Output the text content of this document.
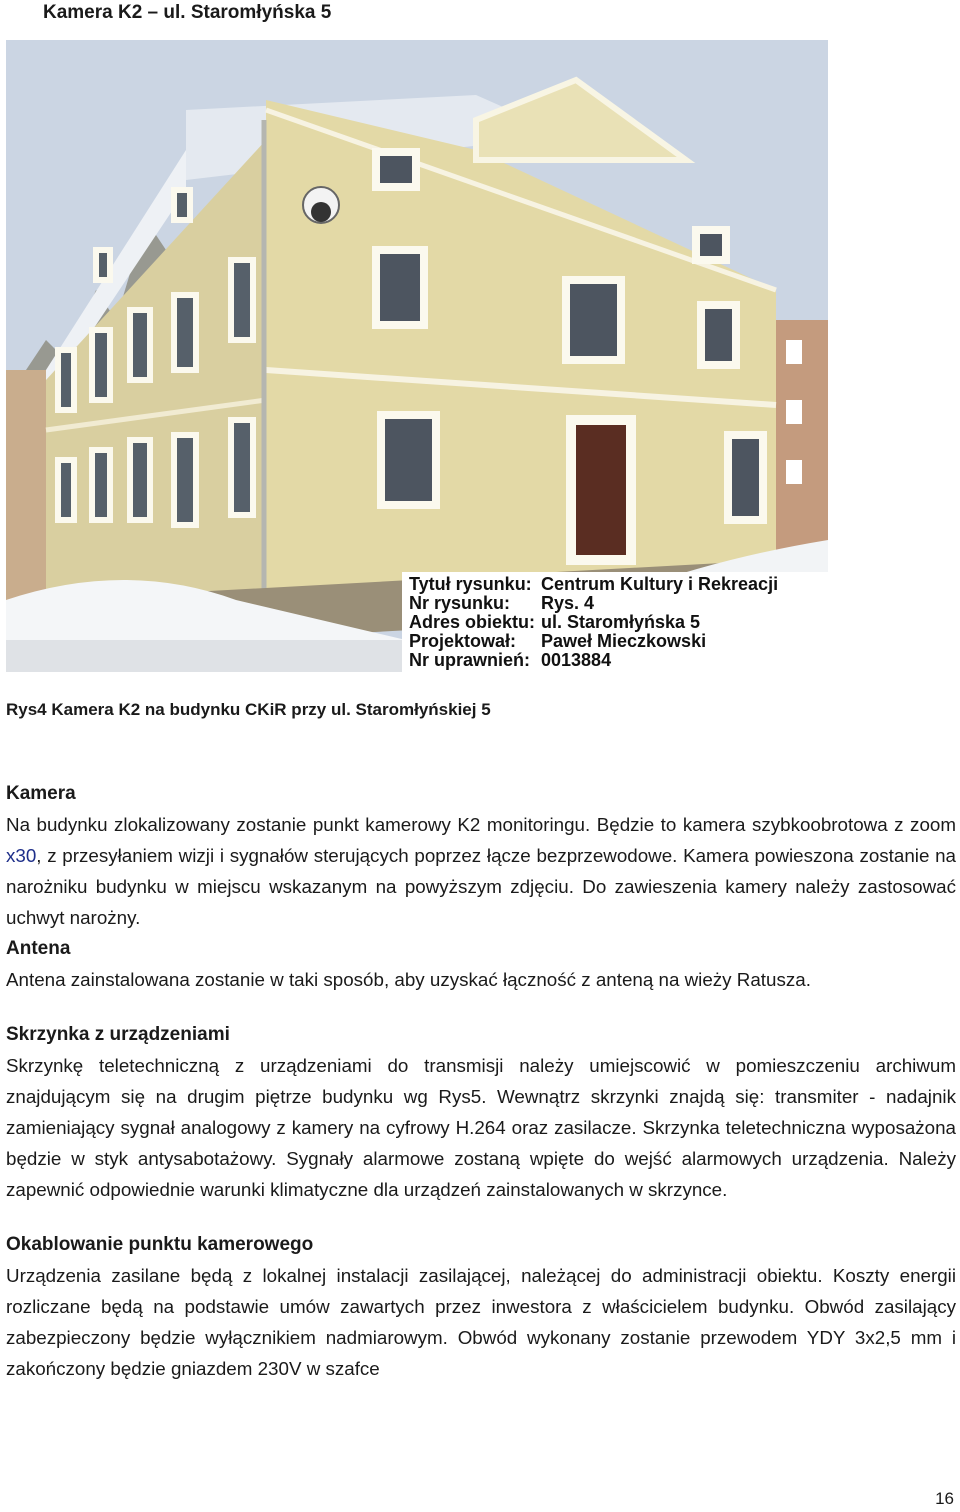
Kamera K2 – ul. Staromłyńska 5
Tytuł rysunku: Centrum Kultury i Rekreacji
Nr rysunku: Rys. 4
Adres obiektu: ul. Staromłyńska 5
Projektował: Paweł Mieczkowski
Nr uprawnień: 0013884
Rys4 Kamera K2 na budynku CKiR przy ul. Staromłyńskiej 5
Kamera

Na budynku zlokalizowany zostanie punkt kamerowy K2 monitoringu. Będzie to kamera szybkoobrotowa z zoom x30, z przesyłaniem wizji i sygnałów sterujących poprzez łącze bezprzewodowe. Kamera powieszona zostanie na narożniku budynku w miejscu wskazanym na powyższym zdjęciu. Do zawieszenia kamery należy zastosować uchwyt narożny.

Antena

Antena zainstalowana zostanie w taki sposób, aby uzyskać łączność z anteną na wieży Ratusza.

Skrzynka z urządzeniami

Skrzynkę teletechniczną z urządzeniami do transmisji należy umiejscowić w pomieszczeniu archiwum znajdującym się na drugim piętrze budynku wg Rys5. Wewnątrz skrzynki znajdą się: transmiter - nadajnik zamieniający sygnał analogowy z kamery na cyfrowy H.264 oraz zasilacze. Skrzynka teletechniczna wyposażona będzie w styk antysabotażowy. Sygnały alarmowe zostaną wpięte do wejść alarmowych urządzenia. Należy zapewnić odpowiednie warunki klimatyczne dla urządzeń zainstalowanych w skrzynce.

Okablowanie punktu kamerowego

Urządzenia zasilane będą z lokalnej instalacji zasilającej, należącej do administracji obiektu. Koszty energii rozliczane będą na podstawie umów zawartych przez inwestora z właścicielem budynku. Obwód zasilający zabezpieczony będzie wyłącznikiem nadmiarowym. Obwód wykonany zostanie przewodem YDY 3x2,5 mm i zakończony będzie gniazdem 230V w szafce

16
